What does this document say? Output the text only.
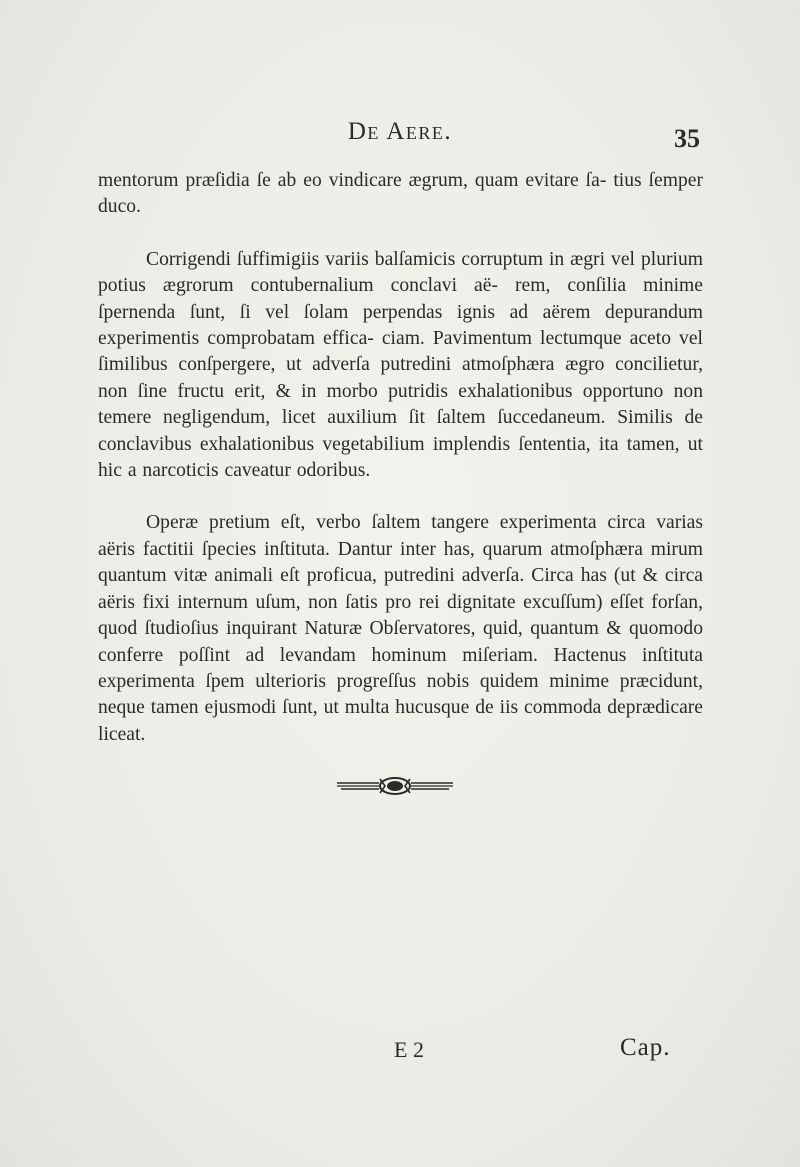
De Aere.	35

mentorum præſidia ſe ab eo vindicare ægrum, quam evitare ſa- tius ſemper duco.

Corrigendi ſuffimigiis variis balſamicis corruptum in ægri vel plurium potius ægrorum contubernalium conclavi aë- rem, conſilia minime ſpernenda ſunt, ſi vel ſolam perpendas ignis ad aërem depurandum experimentis comprobatam effica- ciam. Pavimentum lectumque aceto vel ſimilibus conſpergere, ut adverſa putredini atmoſphæra ægro concilietur, non ſine fructu erit, & in morbo putridis exhalationibus opportuno non temere negligendum, licet auxilium ſit ſaltem ſuccedaneum. Similis de conclavibus exhalationibus vegetabilium implendis ſententia, ita tamen, ut hic a narcoticis caveatur odoribus.

Operæ pretium eſt, verbo ſaltem tangere experimenta circa varias aëris factitii ſpecies inſtituta. Dantur inter has, quarum atmoſphæra mirum quantum vitæ animali eſt proficua, putredini adverſa. Circa has (ut & circa aëris fixi internum uſum, non ſatis pro rei dignitate excuſſum) eſſet forſan, quod ſtudioſius inquirant Naturæ Obſervatores, quid, quantum & quomodo conferre poſſint ad levandam hominum miſeriam. Hactenus inſtituta experimenta ſpem ulterioris progreſſus nobis quidem minime præcidunt, neque tamen ejusmodi ſunt, ut multa hucusque de iis commoda deprædicare liceat.

E 2	Cap.
